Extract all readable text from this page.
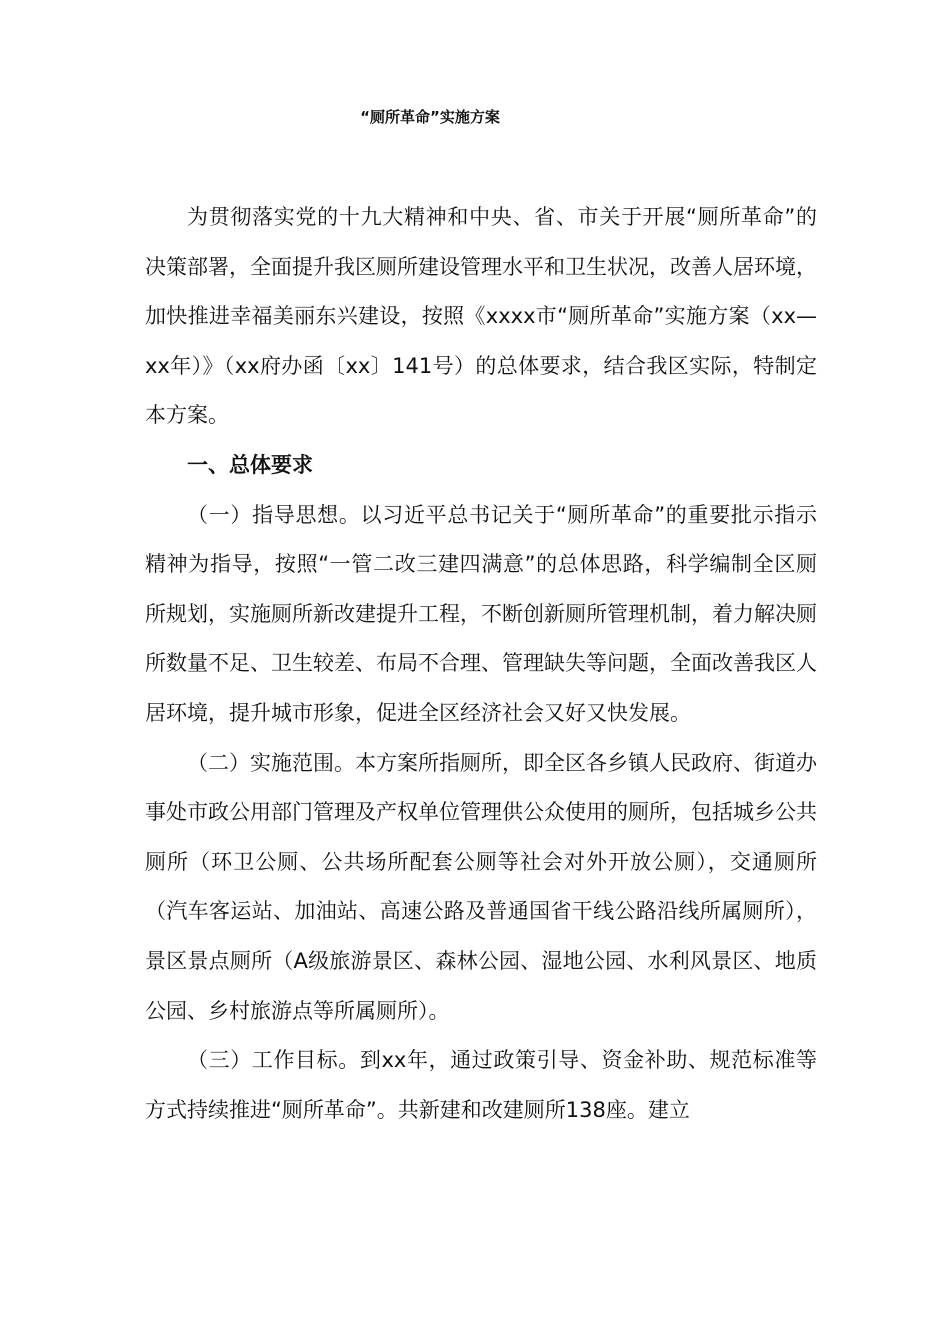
“厕所革命”实施方案

为贯彻落实党的十九大精神和中央、省、市关于开展“厕所革命”的决策部署，全面提升我区厕所建设管理水平和卫生状况，改善人居环境，加快推进幸福美丽东兴建设，按照《xxxx市“厕所革命”实施方案（xx—xx年）》（xx府办函〔xx〕141号）的总体要求，结合我区实际，特制定本方案。

一、总体要求

（一）指导思想。以习近平总书记关于“厕所革命”的重要批示指示精神为指导，按照“一管二改三建四满意”的总体思路，科学编制全区厕所规划，实施厕所新改建提升工程，不断创新厕所管理机制，着力解决厕所数量不足、卫生较差、布局不合理、管理缺失等问题，全面改善我区人居环境，提升城市形象，促进全区经济社会又好又快发展。

（二）实施范围。本方案所指厕所，即全区各乡镇人民政府、街道办事处市政公用部门管理及产权单位管理供公众使用的厕所，包括城乡公共厕所（环卫公厕、公共场所配套公厕等社会对外开放公厕），交通厕所（汽车客运站、加油站、高速公路及普通国省干线公路沿线所属厕所），景区景点厕所（A级旅游景区、森林公园、湿地公园、水利风景区、地质公园、乡村旅游点等所属厕所）。

（三）工作目标。到xx年，通过政策引导、资金补助、规范标准等方式持续推进“厕所革命”。共新建和改建厕所138座。建立
